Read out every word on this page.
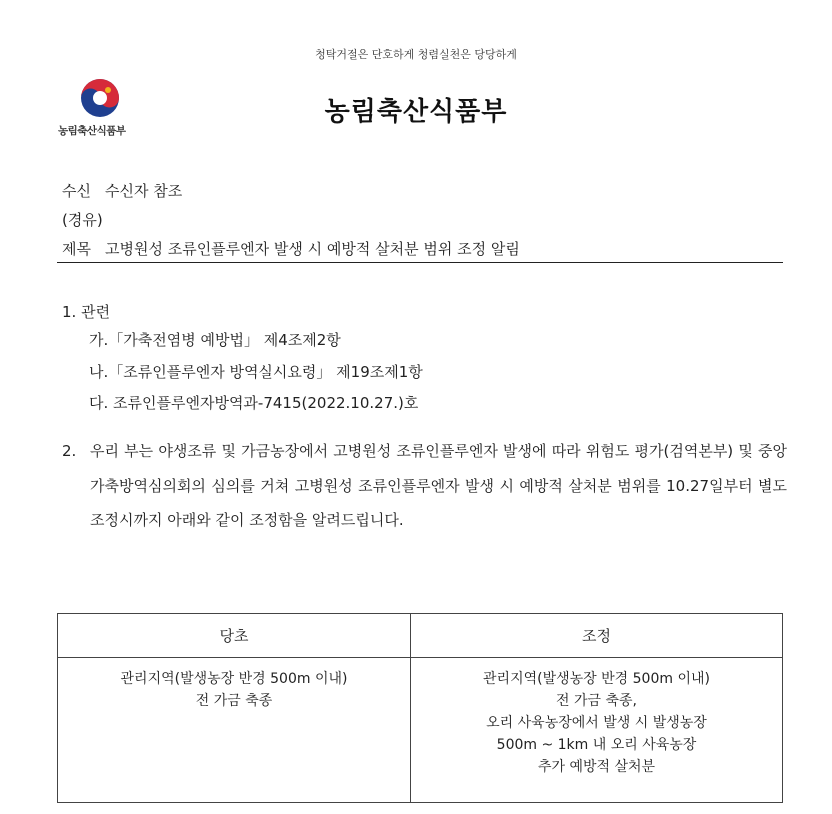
청탁거절은 단호하게 청렴실천은 당당하게
농림축산식품부
농림축산식품부
수신 수신자 참조
(경유)
제목 고병원성 조류인플루엔자 발생 시 예방적 살처분 범위 조정 알림
1. 관련
가.「가축전염병 예방법」 제4조제2항
나.「조류인플루엔자 방역실시요령」 제19조제1항
다. 조류인플루엔자방역과-7415(2022.10.27.)호
2. 우리 부는 야생조류 및 가금농장에서 고병원성 조류인플루엔자 발생에 따라 위험도 평가(검역본부) 및 중앙가축방역심의회의 심의를 거쳐 고병원성 조류인플루엔자 발생 시 예방적 살처분 범위를 10.27일부터 별도 조정시까지 아래와 같이 조정함을 알려드립니다.
당초	조정

관리지역(발생농장 반경 500m 이내)
전 가금 축종	관리지역(발생농장 반경 500m 이내)
전 가금 축종,
오리 사육농장에서 발생 시 발생농장
500m ~ 1km 내 오리 사육농장
추가 예방적 살처분
